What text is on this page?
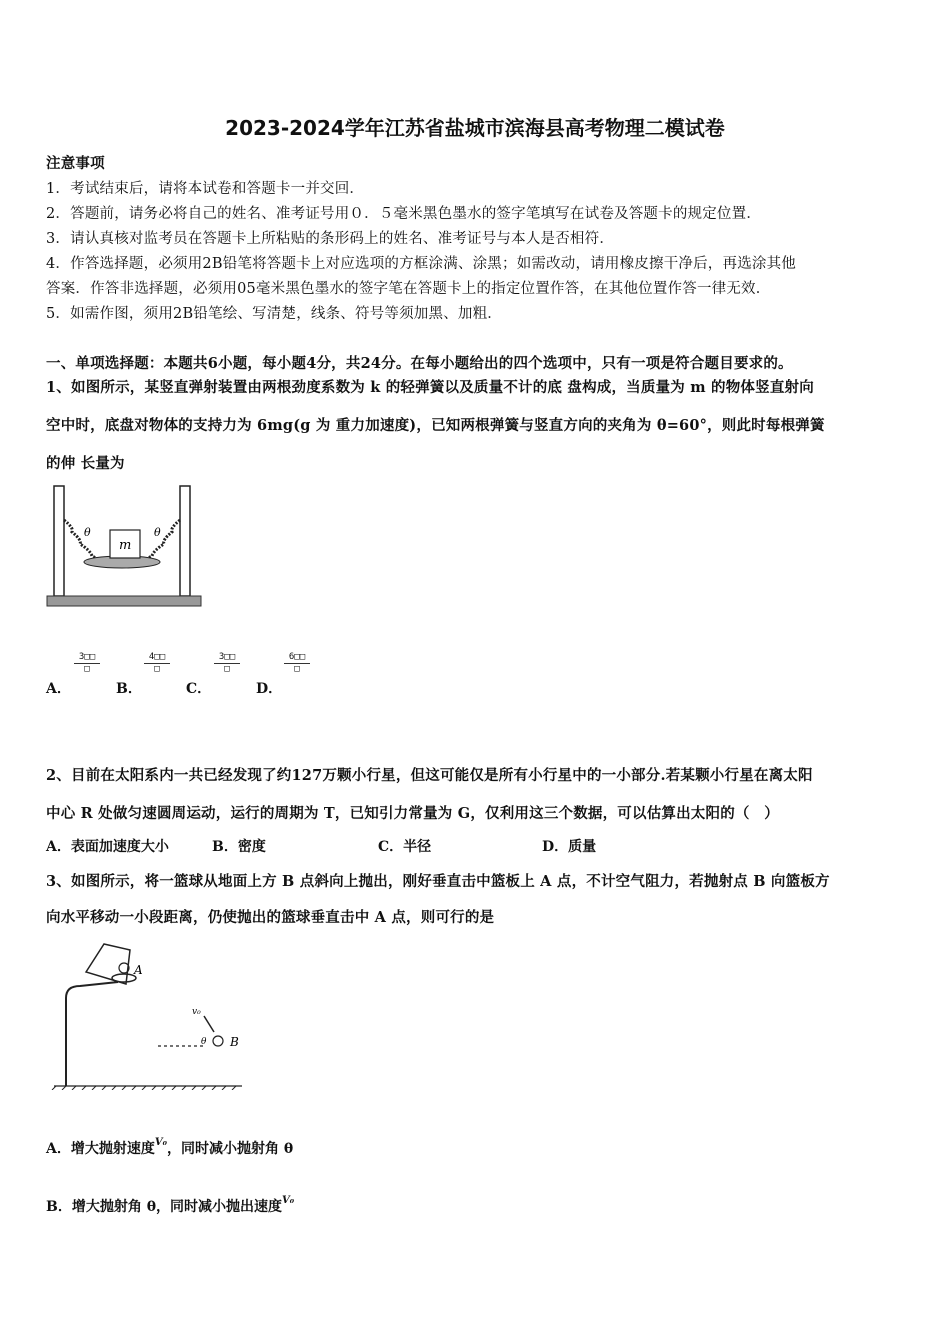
2023-2024学年江苏省盐城市滨海县高考物理二模试卷
注意事项
1．考试结束后，请将本试卷和答题卡一并交回．
2．答题前，请务必将自己的姓名、准考证号用０．５毫米黑色墨水的签字笔填写在试卷及答题卡的规定位置．
3．请认真核对监考员在答题卡上所粘贴的条形码上的姓名、准考证号与本人是否相符．
4．作答选择题，必须用2B铅笔将答题卡上对应选项的方框涂满、涂黑；如需改动，请用橡皮擦干净后，再选涂其他
答案．作答非选择题，必须用05毫米黑色墨水的签字笔在答题卡上的指定位置作答，在其他位置作答一律无效．
5．如需作图，须用2B铅笔绘、写清楚，线条、符号等须加黑、加粗．
一、单项选择题：本题共6小题，每小题4分，共24分。在每小题给出的四个选项中，只有一项是符合题目要求的。
1、如图所示，某竖直弹射装置由两根劲度系数为 k 的轻弹簧以及质量不计的底 盘构成，当质量为 m 的物体竖直射向
空中时，底盘对物体的支持力为 6mg(g 为 重力加速度)，已知两根弹簧与竖直方向的夹角为 θ=60°，则此时每根弹簧
的伸 长量为
m
θ	θ
A．
3□□
□
B．
4□□
□
C．
3□□
□
D．
6□□
□
2、目前在太阳系内一共已经发现了约127万颗小行星，但这可能仅是所有小行星中的一小部分.若某颗小行星在离太阳
中心 R 处做匀速圆周运动，运行的周期为 T，已知引力常量为 G，仅利用这三个数据，可以估算出太阳的（　）
A．表面加速度大小	B．密度	C．半径	D．质量
3、如图所示，将一篮球从地面上方 B 点斜向上抛出，刚好垂直击中篮板上 A 点，不计空气阻力，若抛射点 B 向篮板方
向水平移动一小段距离，仍使抛出的篮球垂直击中 A 点，则可行的是
A
v₀
θ B
A．增大抛射速度$^{V_0}$，同时减小抛射角 θ
B．增大抛射角 θ，同时减小抛出速度$^{V_0}$
